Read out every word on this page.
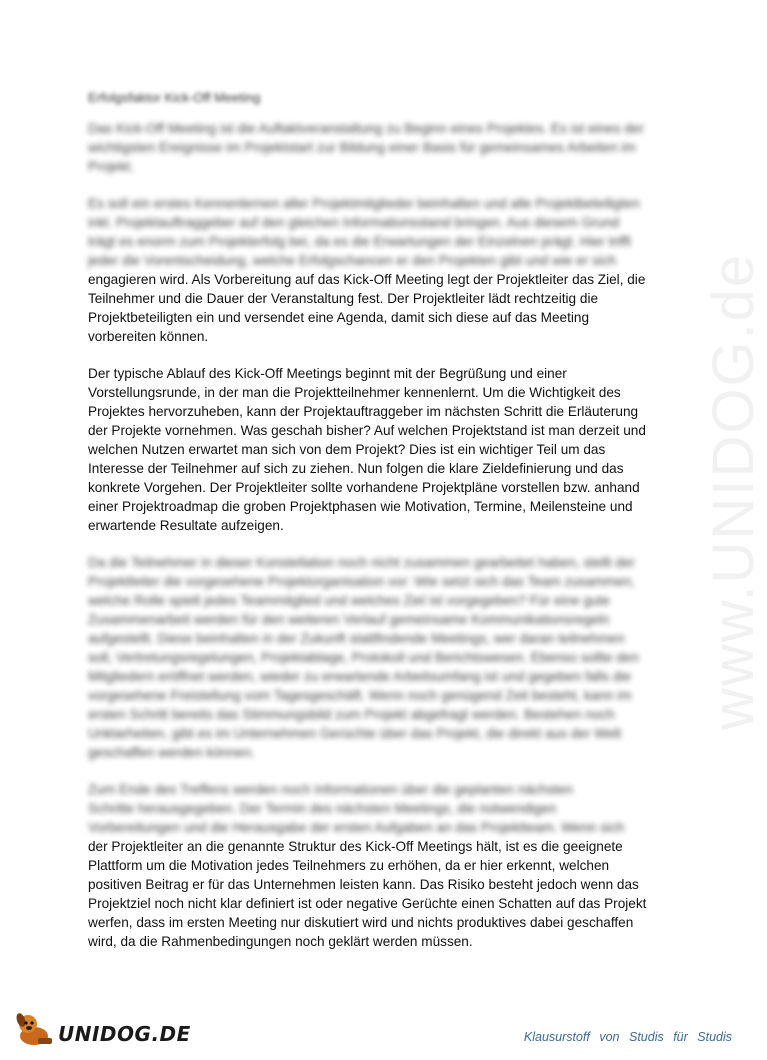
www.UNIDOG.de
Erfolgsfaktor Kick-Off Meeting
Das Kick-Off Meeting ist die Auftaktveranstaltung zu Beginn eines Projektes. Es ist eines der wichtigsten Ereignisse im Projektstart zur Bildung einer Basis für gemeinsames Arbeiten im Projekt.
Es soll ein erstes Kennenlernen aller Projektmitglieder beinhalten und alle Projektbeteiligten
inkl. Projektauftraggeber auf den gleichen Informationsstand bringen. Aus diesem Grund
trägt es enorm zum Projekterfolg bei, da es die Erwartungen der Einzelnen prägt. Hier trifft
jeder die Vorentscheidung, welche Erfolgschancen er den Projekten gibt und wie er sich
engagieren wird. Als Vorbereitung auf das Kick-Off Meeting legt der Projektleiter das Ziel, die
Teilnehmer und die Dauer der Veranstaltung fest. Der Projektleiter lädt rechtzeitig die
Projektbeteiligten ein und versendet eine Agenda, damit sich diese auf das Meeting
vorbereiten können.
Der typische Ablauf des Kick-Off Meetings beginnt mit der Begrüßung und einer
Vorstellungsrunde, in der man die Projektteilnehmer kennenlernt. Um die Wichtigkeit des
Projektes hervorzuheben, kann der Projektauftraggeber im nächsten Schritt die Erläuterung
der Projekte vornehmen. Was geschah bisher? Auf welchen Projektstand ist man derzeit und
welchen Nutzen erwartet man sich von dem Projekt? Dies ist ein wichtiger Teil um das
Interesse der Teilnehmer auf sich zu ziehen. Nun folgen die klare Zieldefinierung und das
konkrete Vorgehen. Der Projektleiter sollte vorhandene Projektpläne vorstellen bzw. anhand
einer Projektroadmap die groben Projektphasen wie Motivation, Termine, Meilensteine und
erwartende Resultate aufzeigen.
Da die Teilnehmer in dieser Konstellation noch nicht zusammen gearbeitet haben, stellt der
Projektleiter die vorgesehene Projektorganisation vor: Wie setzt sich das Team zusammen,
welche Rolle spielt jedes Teammitglied und welches Ziel ist vorgegeben? Für eine gute
Zusammenarbeit werden für den weiteren Verlauf gemeinsame Kommunikationsregeln
aufgestellt. Diese beinhalten in der Zukunft stattfindende Meetings, wer daran teilnehmen
soll, Vertretungsregelungen, Projektablage, Protokoll und Berichtswesen. Ebenso sollte den
Mitgliedern eröffnet werden, wieder zu erwartende Arbeitsumfang ist und gegeben falls die
vorgesehene Freistellung vom Tagesgeschäft. Wenn noch genügend Zeit besteht, kann im
ersten Schritt bereits das Stimmungsbild zum Projekt abgefragt werden. Bestehen noch
Unklarheiten, gibt es im Unternehmen Gerüchte über das Projekt, die direkt aus der Welt
geschaffen werden können.
Zum Ende des Treffens werden noch Informationen über die geplanten nächsten
Schritte herausgegeben. Der Termin des nächsten Meetings, die notwendigen
Vorbereitungen und die Herausgabe der ersten Aufgaben an das Projektteam. Wenn sich
der Projektleiter an die genannte Struktur des Kick-Off Meetings hält, ist es die geeignete
Plattform um die Motivation jedes Teilnehmers zu erhöhen, da er hier erkennt, welchen
positiven Beitrag er für das Unternehmen leisten kann. Das Risiko besteht jedoch wenn das
Projektziel noch nicht klar definiert ist oder negative Gerüchte einen Schatten auf das Projekt
werfen, dass im ersten Meeting nur diskutiert wird und nichts produktives dabei geschaffen
wird, da die Rahmenbedingungen noch geklärt werden müssen.
UNIDOG.DE	Klausurstoff von Studis für Studis
